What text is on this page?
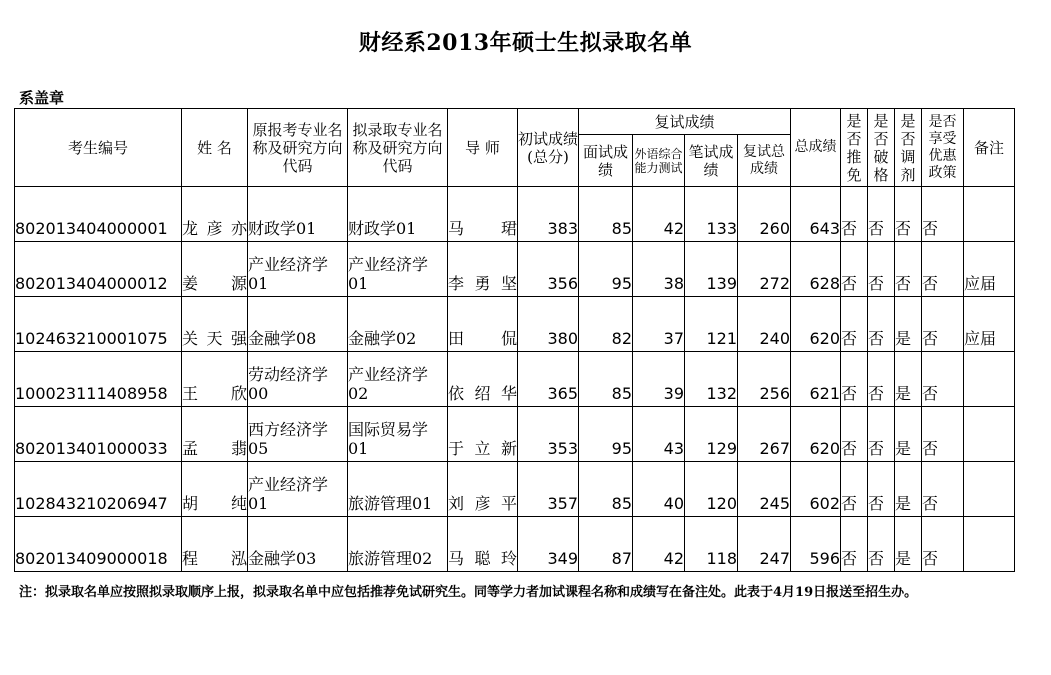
财经系2013年硕士生拟录取名单
系盖章
考生编号	姓 名	原报考专业名称及研究方向代码	拟录取专业名称及研究方向代码	导 师	初试成绩(总分)	复试成绩				总成绩	是否推免	是否破格	是否调剂	是否享受优惠政策	备注
						面试成绩	外语综合能力测试	笔试成绩	复试总成绩						
802013404000001	龙彦亦	财政学01	财政学01	马 珺	383	85	42	133	260	643	否	否	否	否	
802013404000012	姜 源	产业经济学01	产业经济学01	李勇坚	356	95	38	139	272	628	否	否	否	否	应届
102463210001075	关天强	金融学08	金融学02	田 侃	380	82	37	121	240	620	否	否	是	否	应届
100023111408958	王 欣	劳动经济学00	产业经济学02	依绍华	365	85	39	132	256	621	否	否	是	否	
802013401000033	孟 翡	西方经济学05	国际贸易学01	于立新	353	95	43	129	267	620	否	否	是	否	
102843210206947	胡 纯	产业经济学01	旅游管理01	刘彦平	357	85	40	120	245	602	否	否	是	否	
802013409000018	程 泓	金融学03	旅游管理02	马聪玲	349	87	42	118	247	596	否	否	是	否	
注：拟录取名单应按照拟录取顺序上报，拟录取名单中应包括推荐免试研究生。同等学力者加试课程名称和成绩写在备注处。此表于4月19日报送至招生办。
